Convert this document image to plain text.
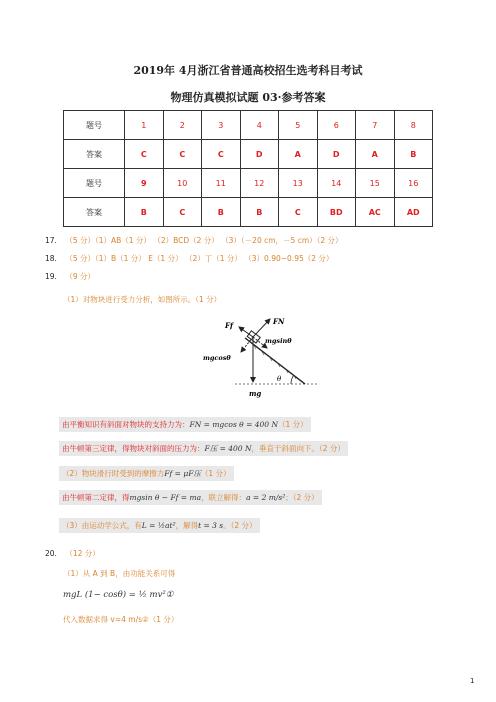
2019年 4月浙江省普通高校招生选考科目考试
物理仿真模拟试题 03·参考答案
题号	1	2	3	4	5	6	7	8
答案	C	C	C	D	A	D	A	B
题号	9	10	11	12	13	14	15	16
答案	B	C	B	B	C	BD	AC	AD
17. （5 分）（1）AB（1 分） （2）BCD（2 分） （3）（－20 cm，－5 cm）（2 分）
18. （5 分）（1）B（1 分） E（1 分） （2）丁（1 分） （3）0.90~0.95（2 分）
19. （9 分）
（1）对物块进行受力分析，如图所示。（1 分）
Ff	FN
mgsinθ
mgcosθ
mg
θ
由平衡知识有斜面对物块的支持力为：FN = mgcos θ = 400 N（1 分）
由牛顿第三定律，得物块对斜面的压力为：F压 = 400 N，垂直于斜面向下。（2 分）
（2）物块滑行时受到的摩擦力Ff = μF压（1 分）
由牛顿第二定律，得mgsin θ − Ff = ma，联立解得：a = 2 m/s²；（2 分）
（3）由运动学公式，有L = ½at²，解得t = 3 s。（2 分）
20. （12 分）
（1）从 A 到 B，由功能关系可得
mgL (1− cosθ) = ½ mv²①
代入数据求得 v=4 m/s②（1 分）
1
